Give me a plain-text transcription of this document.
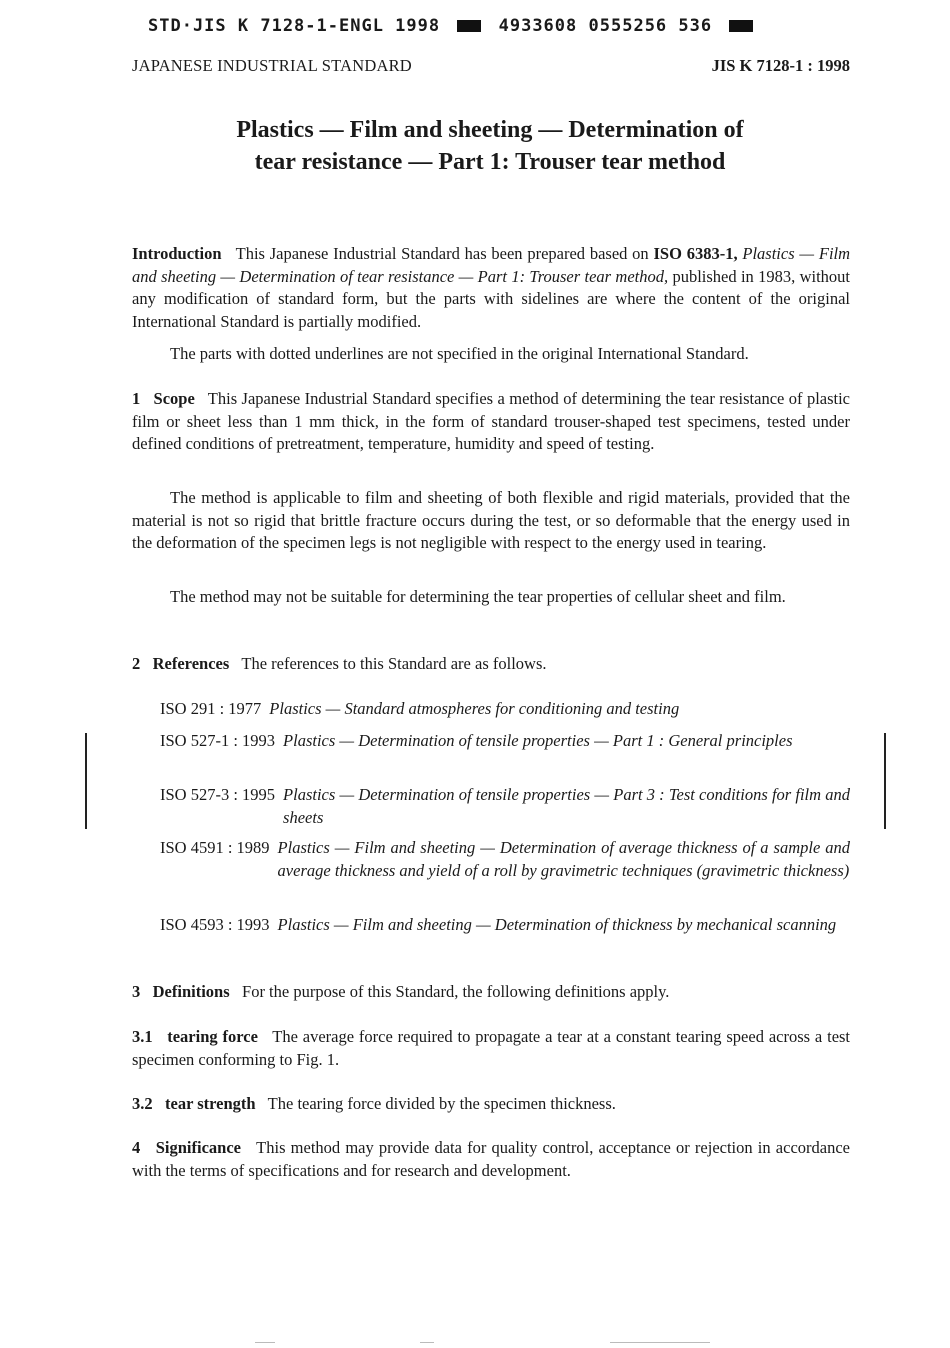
STD·JIS K 7128-1-ENGL 1998	4933608 0555256 536
JAPANESE INDUSTRIAL STANDARD	JIS K 7128-1 : 1998
Plastics — Film and sheeting — Determination of
tear resistance — Part 1: Trouser tear method
Introduction This Japanese Industrial Standard has been prepared based on ISO 6383-1, Plastics — Film and sheeting — Determination of tear resistance — Part 1: Trouser tear method, published in 1983, without any modification of standard form, but the parts with sidelines are where the content of the original International Standard is partially modified.
The parts with dotted underlines are not specified in the original International Standard.
1 Scope This Japanese Industrial Standard specifies a method of determining the tear resistance of plastic film or sheet less than 1 mm thick, in the form of standard trouser-shaped test specimens, tested under defined conditions of pretreatment, temperature, humidity and speed of testing.
The method is applicable to film and sheeting of both flexible and rigid materials, provided that the material is not so rigid that brittle fracture occurs during the test, or so deformable that the energy used in the deformation of the specimen legs is not negligible with respect to the energy used in tearing.
The method may not be suitable for determining the tear properties of cellular sheet and film.
2 References The references to this Standard are as follows.
ISO 291 : 1977 Plastics — Standard atmospheres for conditioning and testing
ISO 527-1 : 1993 Plastics — Determination of tensile properties — Part 1 : General principles
ISO 527-3 : 1995 Plastics — Determination of tensile properties — Part 3 : Test conditions for film and sheets
ISO 4591 : 1989 Plastics — Film and sheeting — Determination of average thickness of a sample and average thickness and yield of a roll by gravimetric techniques (gravimetric thickness)
ISO 4593 : 1993 Plastics — Film and sheeting — Determination of thickness by mechanical scanning
3 Definitions For the purpose of this Standard, the following definitions apply.
3.1 tearing force The average force required to propagate a tear at a constant tearing speed across a test specimen conforming to Fig. 1.
3.2 tear strength The tearing force divided by the specimen thickness.
4 Significance This method may provide data for quality control, acceptance or rejection in accordance with the terms of specifications and for research and development.
